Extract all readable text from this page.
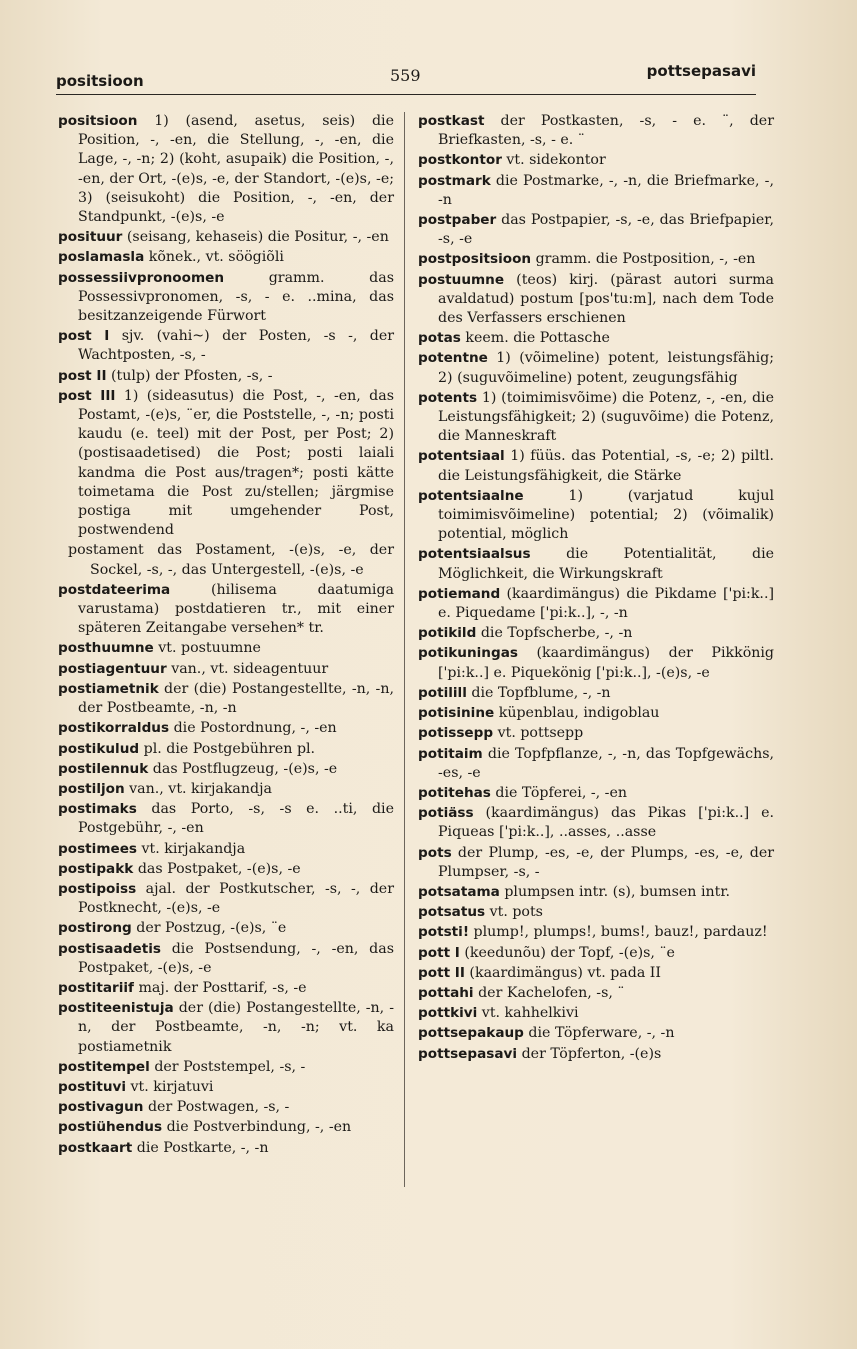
positsioon	559	pottsepasavi
positsioon 1) (asend, asetus, seis) die Position, -, -en, die Stellung, -, -en, die Lage, -, -n; 2) (koht, asupaik) die Position, -, -en, der Ort, -(e)s, -e, der Standort, -(e)s, -e; 3) (seisukoht) die Position, -, -en, der Standpunkt, -(e)s, -e
posituur (seisang, kehaseis) die Positur, -, -en
poslamasla kõnek., vt. söögiõli
possessiivpronoomen gramm. das Possessivpronomen, -s, - e. ..mina, das besitzanzeigende Fürwort
post I sjv. (vahi~) der Posten, -s -, der Wachtposten, -s, -
post II (tulp) der Pfosten, -s, -
post III 1) (sideasutus) die Post, -, -en, das Postamt, -(e)s, ¨er, die Poststelle, -, -n; posti kaudu (e. teel) mit der Post, per Post; 2) (postisaadetised) die Post; posti laiali kandma die Post aus/tragen*; posti kätte toimetama die Post zu/stellen; järgmise postiga mit umgehender Post, postwendend
postament das Postament, -(e)s, -e, der Sockel, -s, -, das Untergestell, -(e)s, -e
postdateerima (hilisema daatumiga varustama) postdatieren tr., mit einer späteren Zeitangabe versehen* tr.
posthuumne vt. postuumne
postiagentuur van., vt. sideagentuur
postiametnik der (die) Postangestellte, -n, -n, der Postbeamte, -n, -n
postikorraldus die Postordnung, -, -en
postikulud pl. die Postgebühren pl.
postilennuk das Postflugzeug, -(e)s, -e
postiljon van., vt. kirjakandja
postimaks das Porto, -s, -s e. ..ti, die Postgebühr, -, -en
postimees vt. kirjakandja
postipakk das Postpaket, -(e)s, -e
postipoiss ajal. der Postkutscher, -s, -, der Postknecht, -(e)s, -e
postirong der Postzug, -(e)s, ¨e
postisaadetis die Postsendung, -, -en, das Postpaket, -(e)s, -e
postitariif maj. der Posttarif, -s, -e
postiteenistuja der (die) Postangestellte, -n, -n, der Postbeamte, -n, -n; vt. ka postiametnik
postitempel der Poststempel, -s, -
postituvi vt. kirjatuvi
postivagun der Postwagen, -s, -
postiühendus die Postverbindung, -, -en
postkaart die Postkarte, -, -n
postkast der Postkasten, -s, - e. ¨, der Briefkasten, -s, - e. ¨
postkontor vt. sidekontor
postmark die Postmarke, -, -n, die Briefmarke, -, -n
postpaber das Postpapier, -s, -e, das Briefpapier, -s, -e
postpositsioon gramm. die Postposition, -, -en
postuumne (teos) kirj. (pärast autori surma avaldatud) postum [pos'tu:m], nach dem Tode des Verfassers erschienen
potas keem. die Pottasche
potentne 1) (võimeline) potent, leistungsfähig; 2) (suguvõimeline) potent, zeugungsfähig
potents 1) (toimimisvõime) die Potenz, -, -en, die Leistungsfähigkeit; 2) (suguvõime) die Potenz, die Manneskraft
potentsiaal 1) füüs. das Potential, -s, -e; 2) piltl. die Leistungsfähigkeit, die Stärke
potentsiaalne 1) (varjatud kujul toimimisvõimeline) potential; 2) (võimalik) potential, möglich
potentsiaalsus die Potentialität, die Möglichkeit, die Wirkungskraft
potiemand (kaardimängus) die Pikdame ['pi:k..] e. Piquedame ['pi:k..], -, -n
potikild die Topfscherbe, -, -n
potikuningas (kaardimängus) der Pikkönig ['pi:k..] e. Piquekönig ['pi:k..], -(e)s, -e
potilill die Topfblume, -, -n
potisinine küpenblau, indigoblau
potissepp vt. pottsepp
potitaim die Topfpflanze, -, -n, das Topfgewächs, -es, -e
potitehas die Töpferei, -, -en
potiäss (kaardimängus) das Pikas ['pi:k..] e. Piqueas ['pi:k..], ..asses, ..asse
pots der Plump, -es, -e, der Plumps, -es, -e, der Plumpser, -s, -
potsatama plumpsen intr. (s), bumsen intr.
potsatus vt. pots
potsti! plump!, plumps!, bums!, bauz!, pardauz!
pott I (keedunõu) der Topf, -(e)s, ¨e
pott II (kaardimängus) vt. pada II
pottahi der Kachelofen, -s, ¨
pottkivi vt. kahhelkivi
pottsepakaup die Töpferware, -, -n
pottsepasavi der Töpferton, -(e)s
